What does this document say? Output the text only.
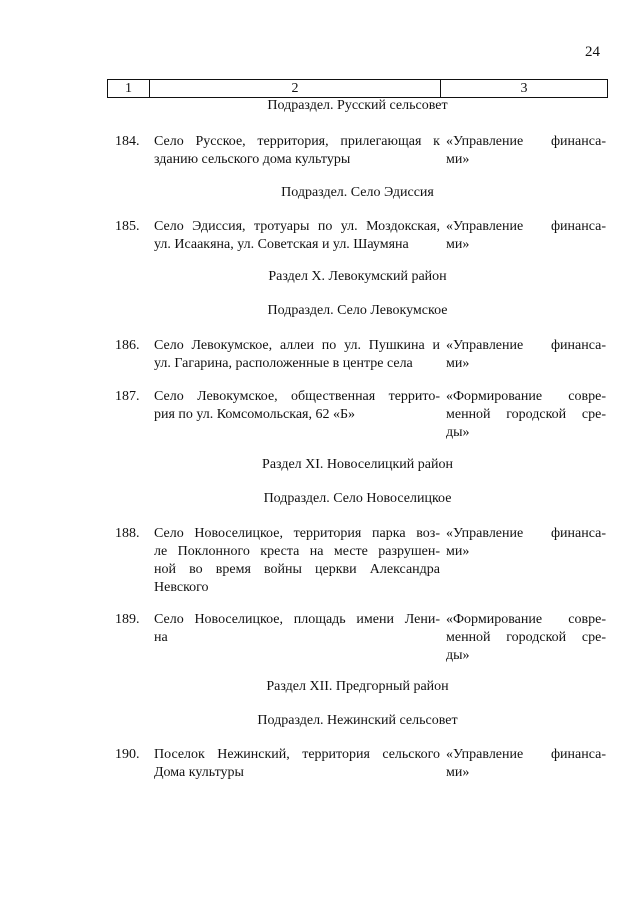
24
1	2	3
Подраздел. Русский сельсовет
184. Село Русское, территория, прилегающая к
зданию сельского дома культуры
«Управление финанса-
ми»
Подраздел. Село Эдиссия
185. Село Эдиссия, тротуары по ул. Моздокская,
ул. Исаакяна, ул. Советская и ул. Шаумяна
«Управление финанса-
ми»
Раздел X. Левокумский район
Подраздел. Село Левокумское
186. Село Левокумское, аллеи по ул. Пушкина и
ул. Гагарина, расположенные в центре села
«Управление финанса-
ми»
187. Село Левокумское, общественная террито-
рия по ул. Комсомольская, 62 «Б»
«Формирование совре-
менной городской сре-
ды»
Раздел XI. Новоселицкий район
Подраздел. Село Новоселицкое
188. Село Новоселицкое, территория парка воз-
ле Поклонного креста на месте разрушен-
ной во время войны церкви Александра
Невского
«Управление финанса-
ми»
189. Село Новоселицкое, площадь имени Лени-
на
«Формирование совре-
менной городской сре-
ды»
Раздел XII. Предгорный район
Подраздел. Нежинский сельсовет
190. Поселок Нежинский, территория сельского
Дома культуры
«Управление финанса-
ми»
